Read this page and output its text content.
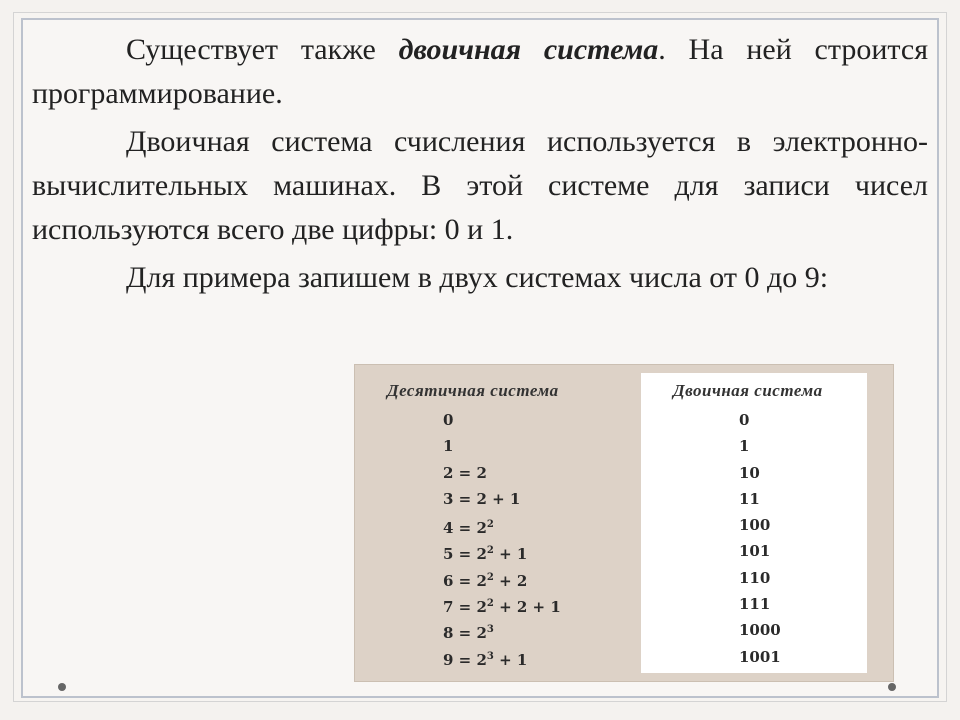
Существует также двоичная система. На ней строится программирование.

Двоичная система счисления используется в электронно-вычислительных машинах. В этой системе для записи чисел используются всего две цифры: 0 и 1.

Для примера запишем в двух системах числа от 0 до 9:

Десятичная система	Двоичная система
0
1
2 = 2
3 = 2 + 1
$4 = 2^2$
$5 = 2^2 + 1$
$6 = 2^2 + 2$
$7 = 2^2 + 2 + 1$
$8 = 2^3$
$9 = 2^3 + 1$
0
1
10
11
100
101
110
111
1000
1001
